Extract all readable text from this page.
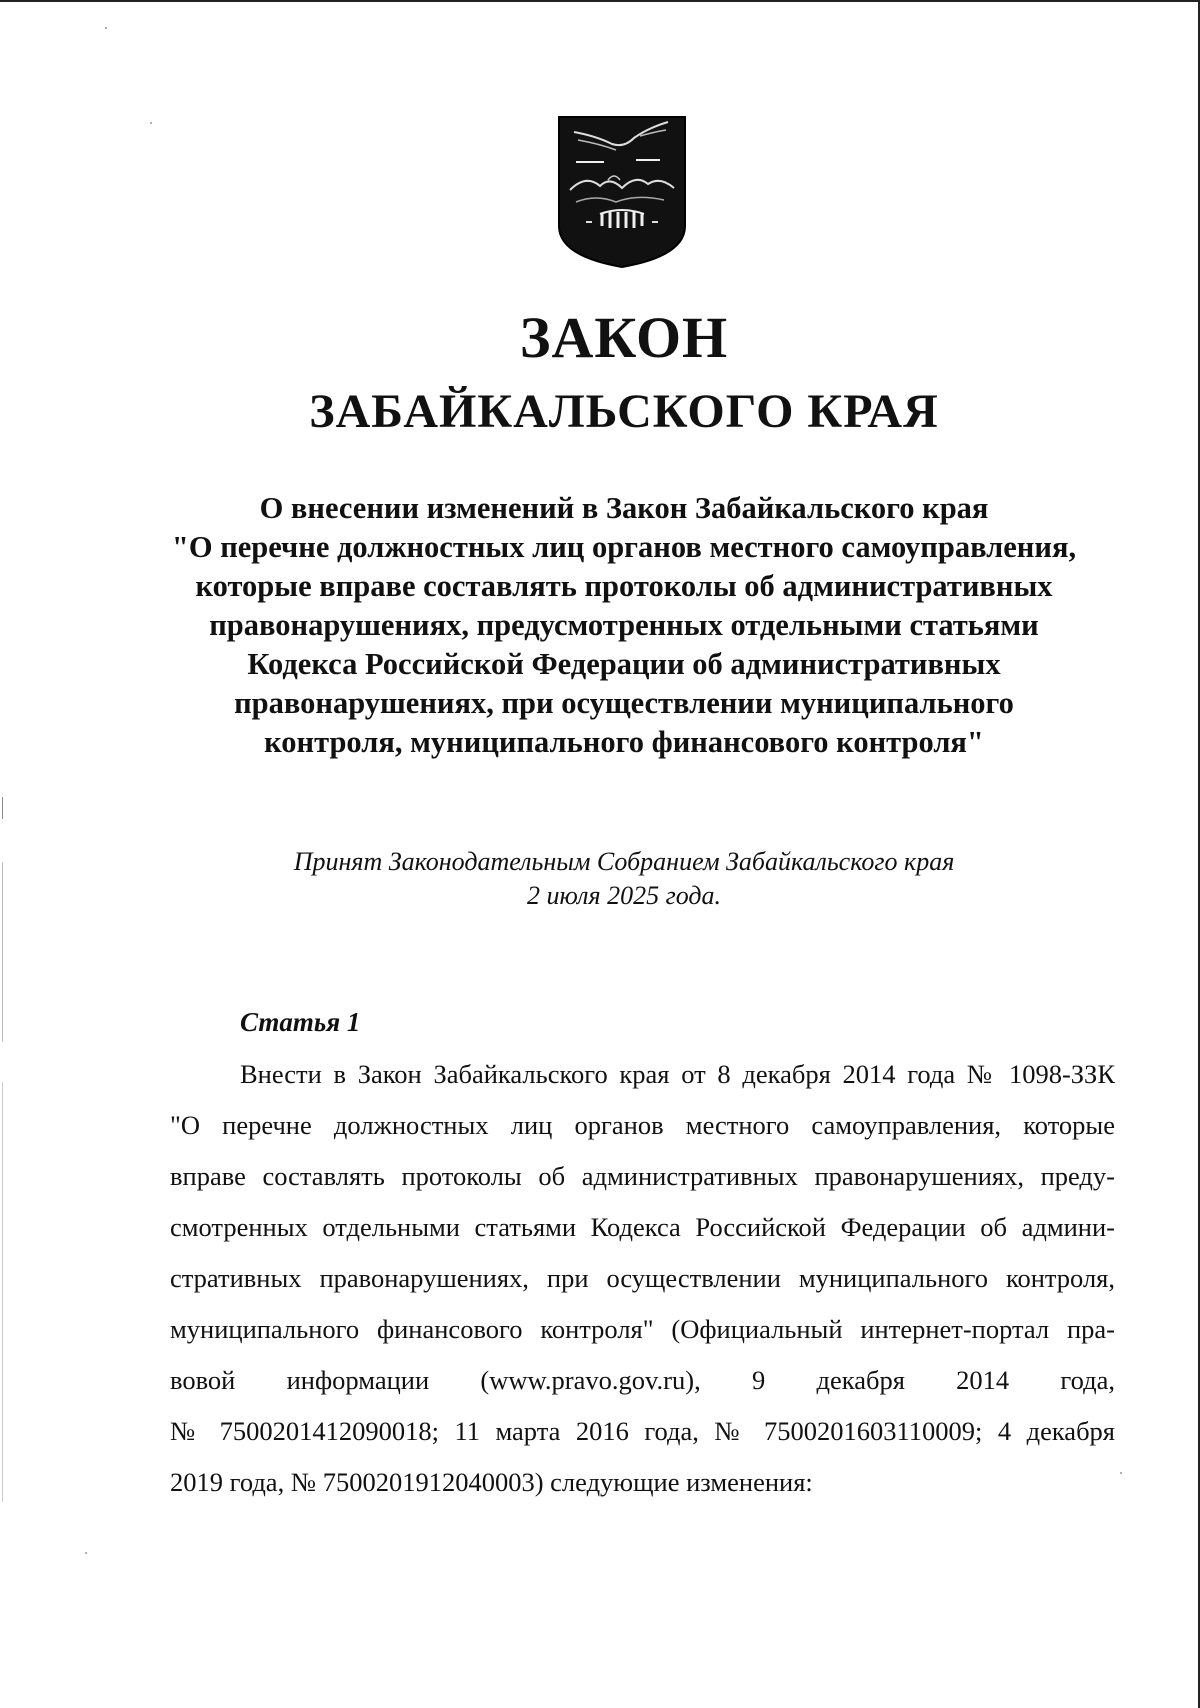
ЗАКОН
ЗАБАЙКАЛЬСКОГО КРАЯ
О внесении изменений в Закон Забайкальского края
"О перечне должностных лиц органов местного самоуправления,
которые вправе составлять протоколы об административных
правонарушениях, предусмотренных отдельными статьями
Кодекса Российской Федерации об административных
правонарушениях, при осуществлении муниципального
контроля, муниципального финансового контроля"
Принят Законодательным Собранием Забайкальского края
2 июля 2025 года.
Статья 1
Внести в Закон Забайкальского края от 8 декабря 2014 года № 1098-ЗЗК
"О перечне должностных лиц органов местного самоуправления, которые
вправе составлять протоколы об административных правонарушениях, преду-
смотренных отдельными статьями Кодекса Российской Федерации об админи-
стративных правонарушениях, при осуществлении муниципального контроля,
муниципального финансового контроля" (Официальный интернет-портал пра-
вовой информации (www.pravo.gov.ru), 9 декабря 2014 года,
№ 7500201412090018; 11 марта 2016 года, № 7500201603110009; 4 декабря
2019 года, № 7500201912040003) следующие изменения:
